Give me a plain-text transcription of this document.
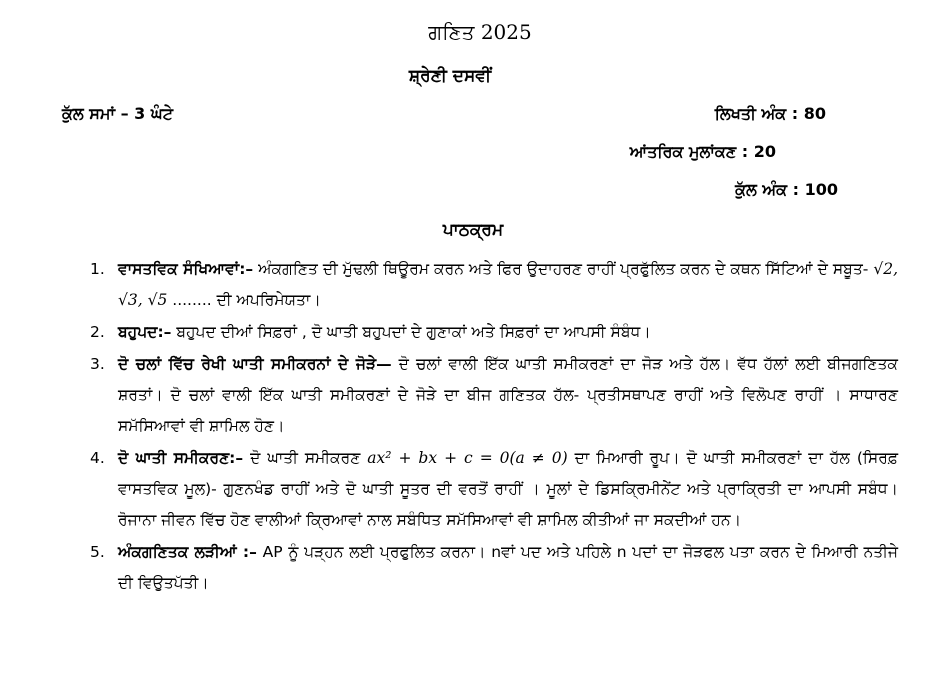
ਗਣਿਤ 2025
ਸ਼੍ਰੇਣੀ ਦਸਵੀਂ
ਕੁੱਲ ਸਮਾਂ – 3 ਘੰਟੇ	ਲਿਖਤੀ ਅੰਕ : 80
ਆਂਤਰਿਕ ਮੁਲਾਂਕਣ : 20
ਕੁੱਲ ਅੰਕ : 100
ਪਾਠਕ੍ਰਮ
1. ਵਾਸਤਵਿਕ ਸੰਖਿਆਵਾਂ:– ਅੰਕਗਣਿਤ ਦੀ ਮੁੱਢਲੀ ਥਿਊਰਮ ਕਰਨ ਅਤੇ ਫਿਰ ਉਦਾਹਰਣ ਰਾਹੀਂ ਪ੍ਰਫੁੱਲਿਤ ਕਰਨ ਦੇ ਕਥਨ ਸਿੱਟਿਆਂ ਦੇ ਸਬੂਤ- √2, √3, √5 ........ ਦੀ ਅਪਰਿਮੇਯਤਾ।
2. ਬਹੁਪਦ:– ਬਹੁਪਦ ਦੀਆਂ ਸਿਫ਼ਰਾਂ , ਦੋ ਘਾਤੀ ਬਹੁਪਦਾਂ ਦੇ ਗੁਣਾਕਾਂ ਅਤੇ ਸਿਫ਼ਰਾਂ ਦਾ ਆਪਸੀ ਸੰਬੰਧ।
3. ਦੋ ਚਲਾਂ ਵਿੱਚ ਰੇਖੀ ਘਾਤੀ ਸਮੀਕਰਨਾਂ ਦੇ ਜੋੜੇ— ਦੋ ਚਲਾਂ ਵਾਲੀ ਇੱਕ ਘਾਤੀ ਸਮੀਕਰਣਾਂ ਦਾ ਜੋੜ ਅਤੇ ਹੱਲ। ਵੱਧ ਹੱਲਾਂ ਲਈ ਬੀਜਗਣਿਤਕ ਸ਼ਰਤਾਂ। ਦੋ ਚਲਾਂ ਵਾਲੀ ਇੱਕ ਘਾਤੀ ਸਮੀਕਰਣਾਂ ਦੇ ਜੋੜੇ ਦਾ ਬੀਜ ਗਣਿਤਕ ਹੱਲ- ਪ੍ਰਤੀਸਥਾਪਣ ਰਾਹੀਂ ਅਤੇ ਵਿਲੋਪਣ ਰਾਹੀਂ । ਸਾਧਾਰਣ ਸਮੱਸਿਆਵਾਂ ਵੀ ਸ਼ਾਮਿਲ ਹੋਣ।
4. ਦੋ ਘਾਤੀ ਸਮੀਕਰਣ:– ਦੋ ਘਾਤੀ ਸਮੀਕਰਣ ax² + bx + c = 0(a ≠ 0) ਦਾ ਮਿਆਰੀ ਰੂਪ। ਦੋ ਘਾਤੀ ਸਮੀਕਰਣਾਂ ਦਾ ਹੱਲ (ਸਿਰਫ਼ ਵਾਸਤਵਿਕ ਮੂਲ)- ਗੁਣਨਖੰਡ ਰਾਹੀਂ ਅਤੇ ਦੋ ਘਾਤੀ ਸੂਤਰ ਦੀ ਵਰਤੋਂ ਰਾਹੀਂ । ਮੂਲਾਂ ਦੇ ਡਿਸਕ੍ਰਿਮੀਨੇਂਟ ਅਤੇ ਪ੍ਰਾਕ੍ਰਿਤੀ ਦਾ ਆਪਸੀ ਸਬੰਧ। ਰੋਜਾਨਾ ਜੀਵਨ ਵਿੱਚ ਹੋਣ ਵਾਲੀਆਂ ਕ੍ਰਿਆਵਾਂ ਨਾਲ ਸਬੰਧਿਤ ਸਮੱਸਿਆਵਾਂ ਵੀ ਸ਼ਾਮਿਲ ਕੀਤੀਆਂ ਜਾ ਸਕਦੀਆਂ ਹਨ।
5. ਅੰਕਗਣਿਤਕ ਲੜੀਆਂ :– AP ਨੂੰ ਪੜ੍ਹਨ ਲਈ ਪ੍ਰਫੁਲਿਤ ਕਰਨਾ। nਵਾਂ ਪਦ ਅਤੇ ਪਹਿਲੇ n ਪਦਾਂ ਦਾ ਜੋੜਫਲ ਪਤਾ ਕਰਨ ਦੇ ਮਿਆਰੀ ਨਤੀਜੇ ਦੀ ਵਿਉਤਪੱਤੀ।
